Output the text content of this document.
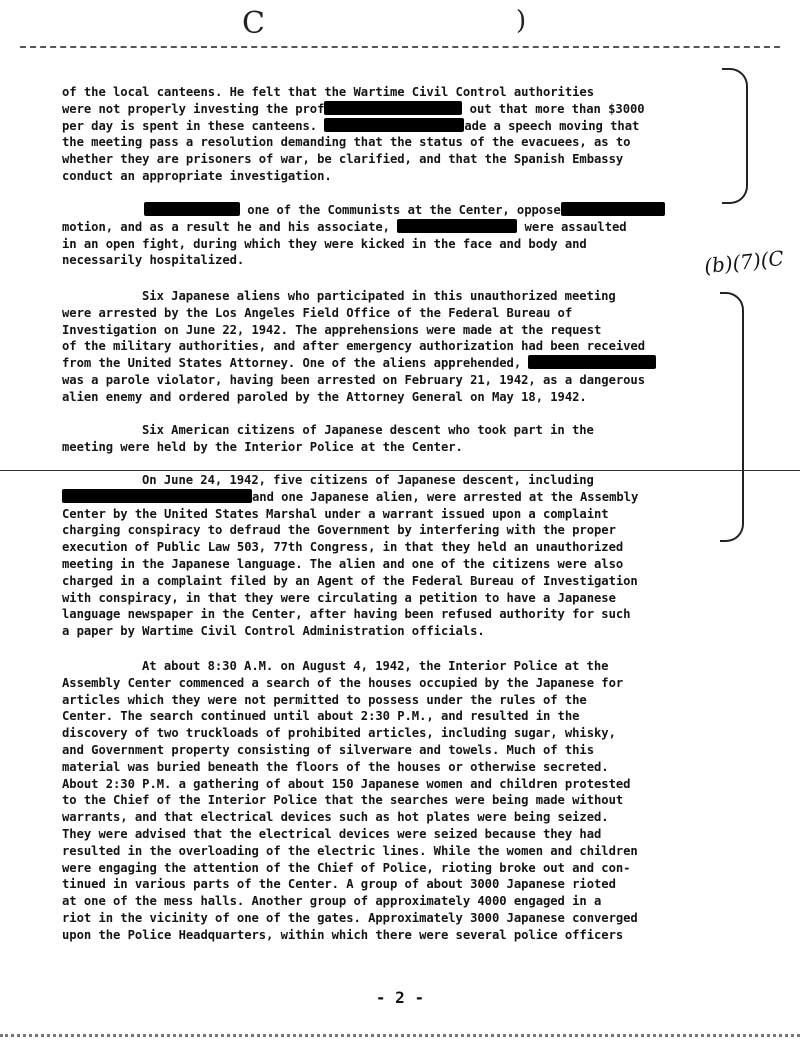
C	)
of the local canteens. He felt that the Wartime Civil Control authorities
were not properly investing the prof	out that more than $3000
per day is spent in these canteens.	ade a speech moving that
the meeting pass a resolution demanding that the status of the evacuees, as to
whether they are prisoners of war, be clarified, and that the Spanish Embassy
conduct an appropriate investigation.
one of the Communists at the Center, oppose
motion, and as a result he and his associate,	were assaulted
in an open fight, during which they were kicked in the face and body and
necessarily hospitalized.
Six Japanese aliens who participated in this unauthorized meeting
were arrested by the Los Angeles Field Office of the Federal Bureau of
Investigation on June 22, 1942. The apprehensions were made at the request
of the military authorities, and after emergency authorization had been received
from the United States Attorney. One of the aliens apprehended,
was a parole violator, having been arrested on February 21, 1942, as a dangerous
alien enemy and ordered paroled by the Attorney General on May 18, 1942.
Six American citizens of Japanese descent who took part in the
meeting were held by the Interior Police at the Center.
On June 24, 1942, five citizens of Japanese descent, including
and one Japanese alien, were arrested at the Assembly
Center by the United States Marshal under a warrant issued upon a complaint
charging conspiracy to defraud the Government by interfering with the proper
execution of Public Law 503, 77th Congress, in that they held an unauthorized
meeting in the Japanese language. The alien and one of the citizens were also
charged in a complaint filed by an Agent of the Federal Bureau of Investigation
with conspiracy, in that they were circulating a petition to have a Japanese
language newspaper in the Center, after having been refused authority for such
a paper by Wartime Civil Control Administration officials.
At about 8:30 A.M. on August 4, 1942, the Interior Police at the
Assembly Center commenced a search of the houses occupied by the Japanese for
articles which they were not permitted to possess under the rules of the
Center. The search continued until about 2:30 P.M., and resulted in the
discovery of two truckloads of prohibited articles, including sugar, whisky,
and Government property consisting of silverware and towels. Much of this
material was buried beneath the floors of the houses or otherwise secreted.
About 2:30 P.M. a gathering of about 150 Japanese women and children protested
to the Chief of the Interior Police that the searches were being made without
warrants, and that electrical devices such as hot plates were being seized.
They were advised that the electrical devices were seized because they had
resulted in the overloading of the electric lines. While the women and children
were engaging the attention of the Chief of Police, rioting broke out and con-
tinued in various parts of the Center. A group of about 3000 Japanese rioted
at one of the mess halls. Another group of approximately 4000 engaged in a
riot in the vicinity of one of the gates. Approximately 3000 Japanese converged
upon the Police Headquarters, within which there were several police officers
(b)(7)(C
- 2 -
